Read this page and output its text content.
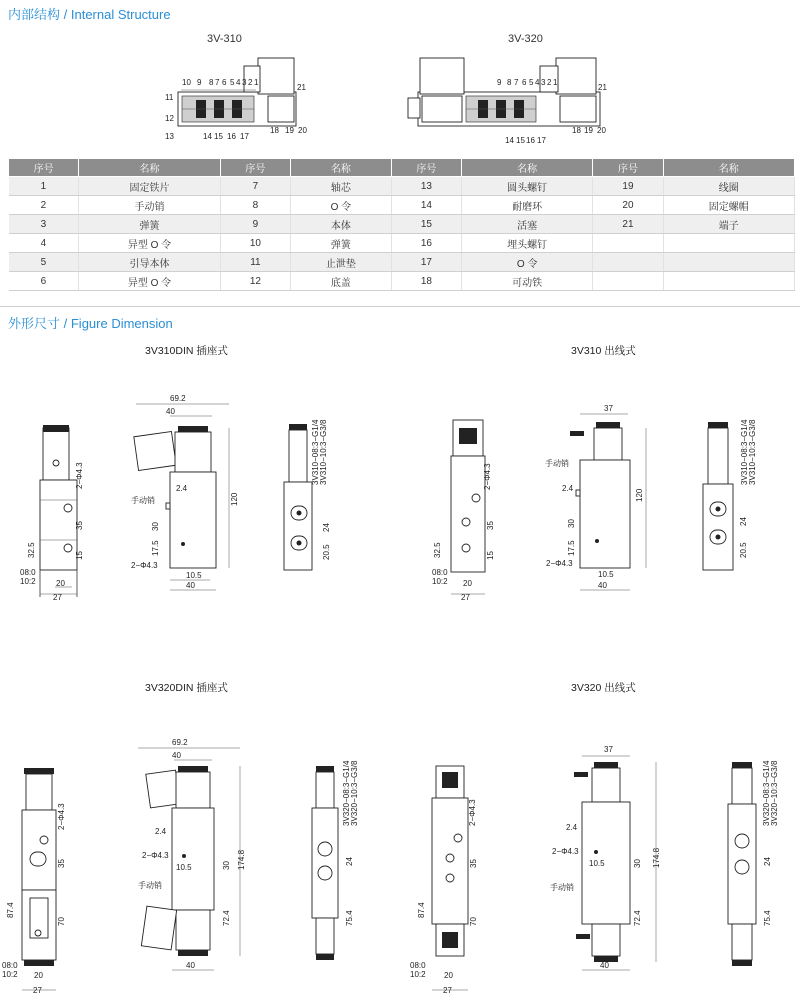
内部结构 / Internal Structure
3V-310	3V-320
10 9 8 7 6 5 4 3 2 1
21
11
12
13	14 15 16 17
18 19 20
9 8 7 6 5 4 3 2 1
21
14 15 16 17
18 19 20
序号	名称	序号	名称	序号	名称	序号	名称
1	固定铁片	7	轴芯	13	圆头螺钉	19	线圈
2	手动销	8	O 令	14	耐磨环	20	固定螺帽
3	弹簧	9	本体	15	活塞	21	端子
4	异型 O 令	10	弹簧	16	埋头螺钉		
5	引导本体	11	止泄垫	17	O 令		
6	异型 O 令	12	底盖	18	可动铁		
外形尺寸 / Figure Dimension
3V310DIN 插座式	3V310 出线式
3V320DIN 插座式	3V320 出线式
2−Φ4.3
35
32.5	15
08:0
10:2	20
27
69.2
40
2.4
手动销	120
30
17.5
2−Φ4.3
10.5
40
3V310−08:3−G1/4 3V310−10:3−G3/8
24
20.5
2−Φ4.3
35
32.5	15
08:0
10:2 20
27
37
手动销
2.4
120
30
17.5
2−Φ4.3
10.5
40
3V310−08:3−G1/4 3V310−10:3−G3/8
24
20.5
2−Φ4.3
35
87.4
70
08:0
10:2 20
27
69.2
40
2.4
2−Φ4.3
10.5
手动销
30 174.8
72.4
40
3V320−08:3−G1/4 3V320−10:3−G3/8
24
75.4
2−Φ4.3
35
87.4
70
08:0
10:2 20
27
37
2.4
2−Φ4.3
10.5
手动销
30 174.8
72.4
40
3V320−08:3−G1/4 3V320−10:3−G3/8
24
75.4
